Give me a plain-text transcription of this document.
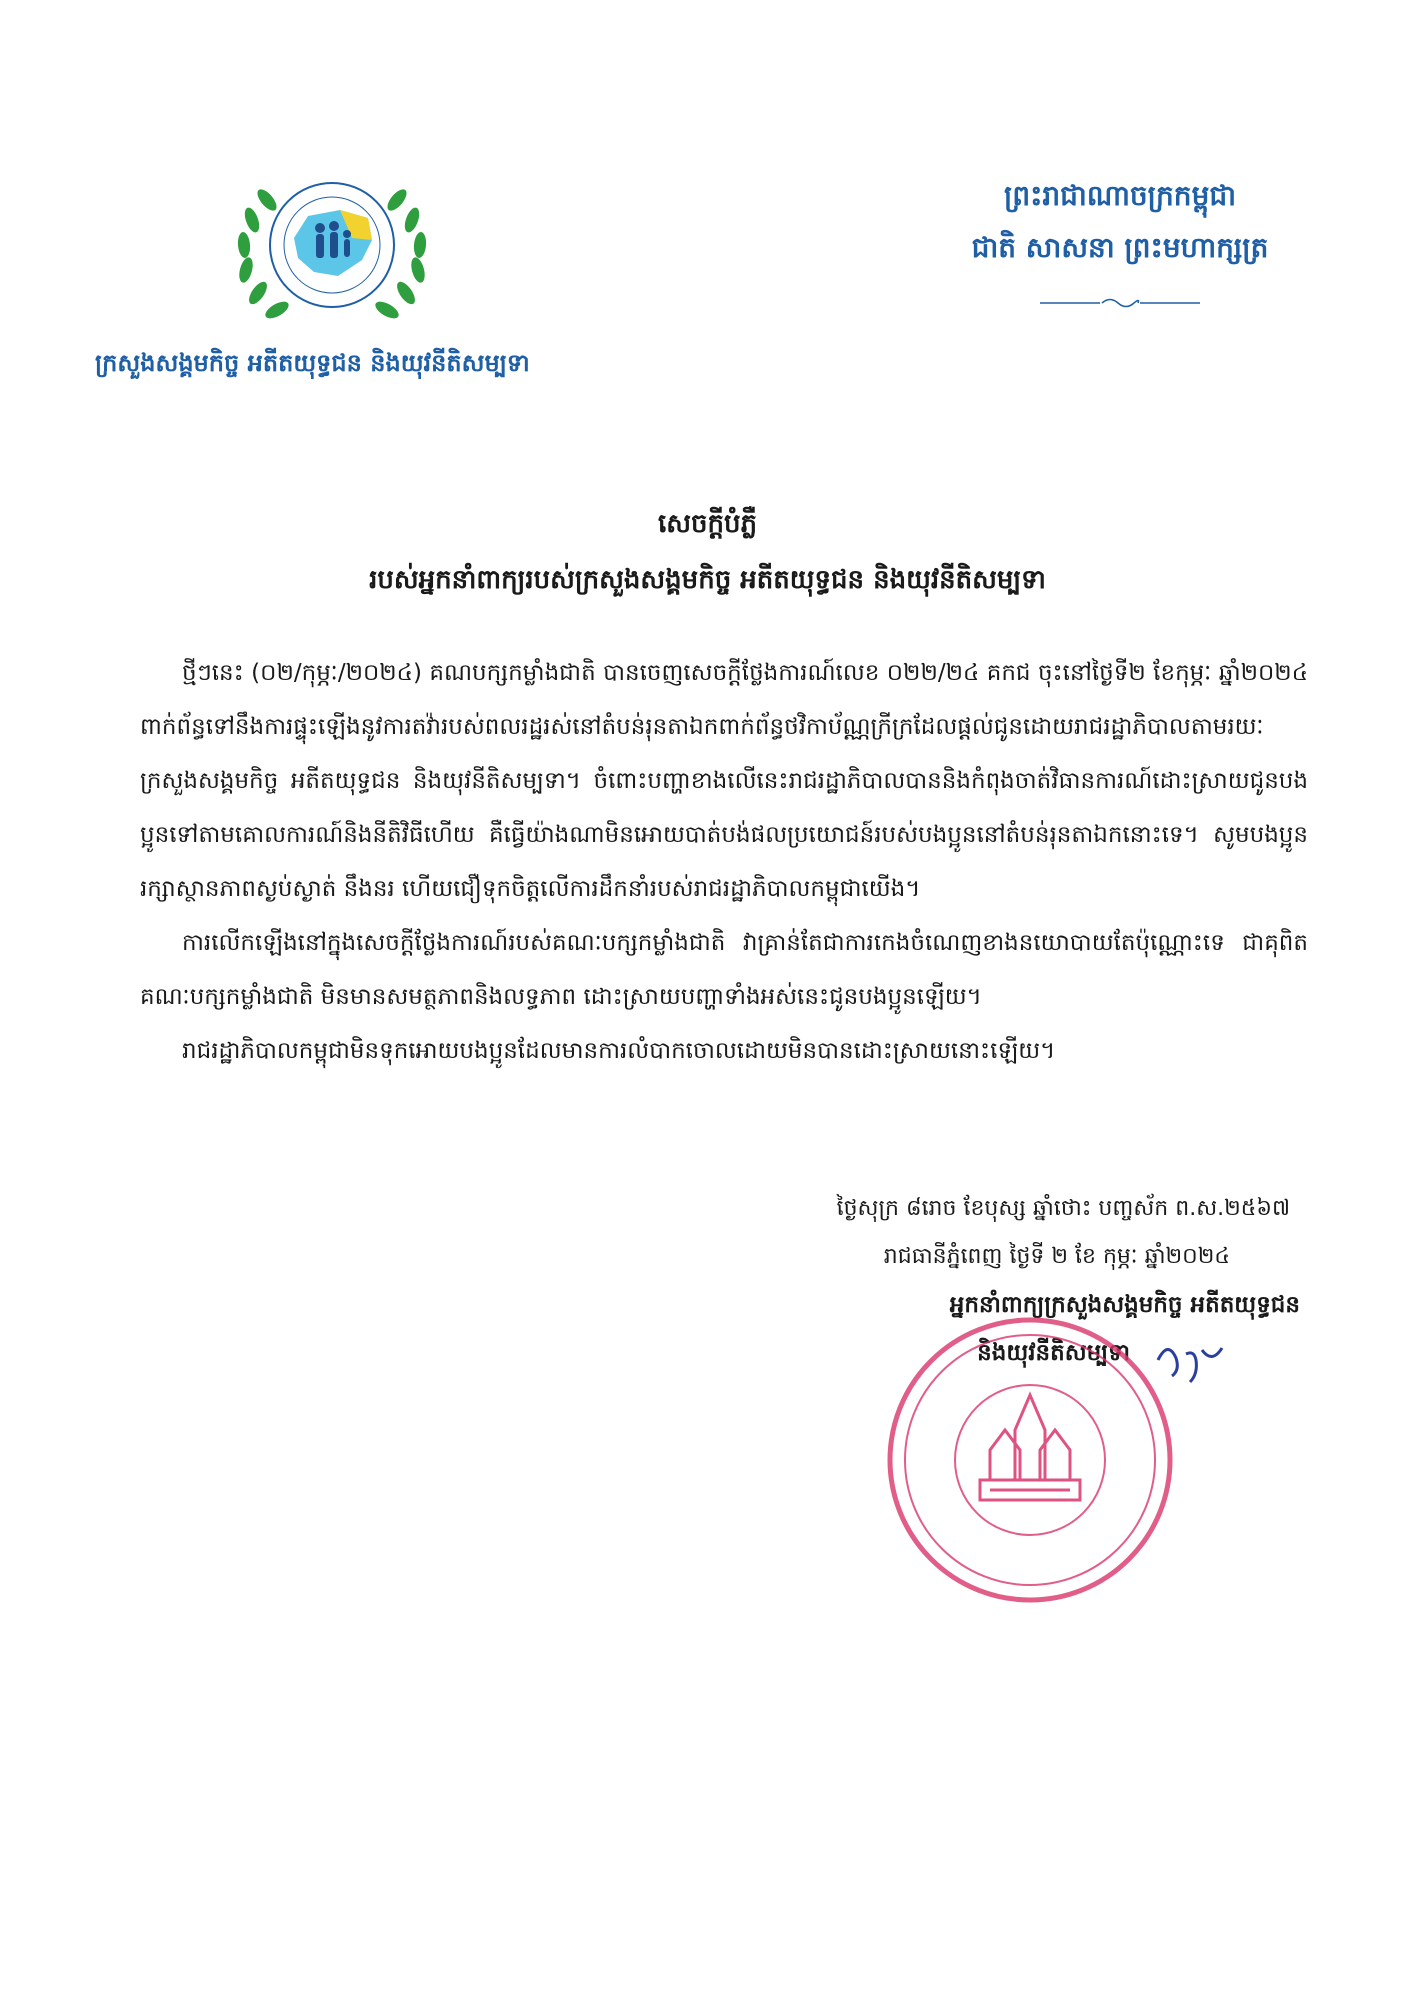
ក្រសួងសង្គមកិច្ច អតីតយុទ្ធជន និងយុវនីតិសម្បទា
ព្រះរាជាណាចក្រកម្ពុជា
ជាតិ សាសនា ព្រះមហាក្សត្រ
សេចក្ដីបំភ្លឺ
របស់អ្នកនាំពាក្យរបស់ក្រសួងសង្គមកិច្ច អតីតយុទ្ធជន និងយុវនីតិសម្បទា

ថ្មីៗនេះ (០២/កុម្ភៈ/២០២៤) គណបក្សកម្លាំងជាតិ បានចេញសេចក្ដីថ្លែងការណ៍លេខ ០២២/២៤ គកជ ចុះនៅថ្ងៃទី២ ខែកុម្ភៈ ឆ្នាំ២០២៤ ពាក់ព័ន្ធទៅនឹងការផ្ទុះឡើងនូវការតវ៉ារបស់ពលរដ្ឋរស់នៅតំបន់រុនតាឯកពាក់ព័ន្ធថវិកាប័ណ្ណក្រីក្រដែលផ្ដល់ជូនដោយរាជរដ្ឋាភិបាលតាមរយៈក្រសួងសង្គមកិច្ច អតីតយុទ្ធជន និងយុវនីតិសម្បទា។ ចំពោះបញ្ហាខាងលើនេះរាជរដ្ឋាភិបាលបាននិងកំពុងចាត់វិធានការណ៍ដោះស្រាយជូនបងប្អូនទៅតាមគោលការណ៍និងនីតិវិធីហើយ គឺធ្វើយ៉ាងណាមិនអោយបាត់បង់ផលប្រយោជន៍របស់បងប្អូននៅតំបន់រុនតាឯកនោះទេ។ សូមបងប្អូនរក្សាស្ថានភាពស្ងប់ស្ងាត់ នឹងនរ ហើយជឿទុកចិត្តលើការដឹកនាំរបស់រាជរដ្ឋាភិបាលកម្ពុជាយើង។

ការលើកឡើងនៅក្នុងសេចក្ដីថ្លែងការណ៍របស់គណៈបក្សកម្លាំងជាតិ វាគ្រាន់តែជាការកេងចំណេញខាងនយោបាយតែប៉ុណ្ណោះទេ ជាគុពិតគណៈបក្សកម្លាំងជាតិ មិនមានសមត្ថភាពនិងលទ្ធភាព ដោះស្រាយបញ្ហាទាំងអស់នេះជូនបងប្អូនឡើយ។

រាជរដ្ឋាភិបាលកម្ពុជាមិនទុកអោយបងប្អូនដែលមានការលំបាកចោលដោយមិនបានដោះស្រាយនោះឡើយ។

ថ្ងៃសុក្រ ៨រោច ខែបុស្ស ឆ្នាំថោះ បញ្ចស័ក ព.ស.២៥៦៧
រាជធានីភ្នំពេញ ថ្ងៃទី ២ ខែ កុម្ភៈ ឆ្នាំ២០២៤
អ្នកនាំពាក្យក្រសួងសង្គមកិច្ច អតីតយុទ្ធជន
និងយុវនីតិសម្បទា
